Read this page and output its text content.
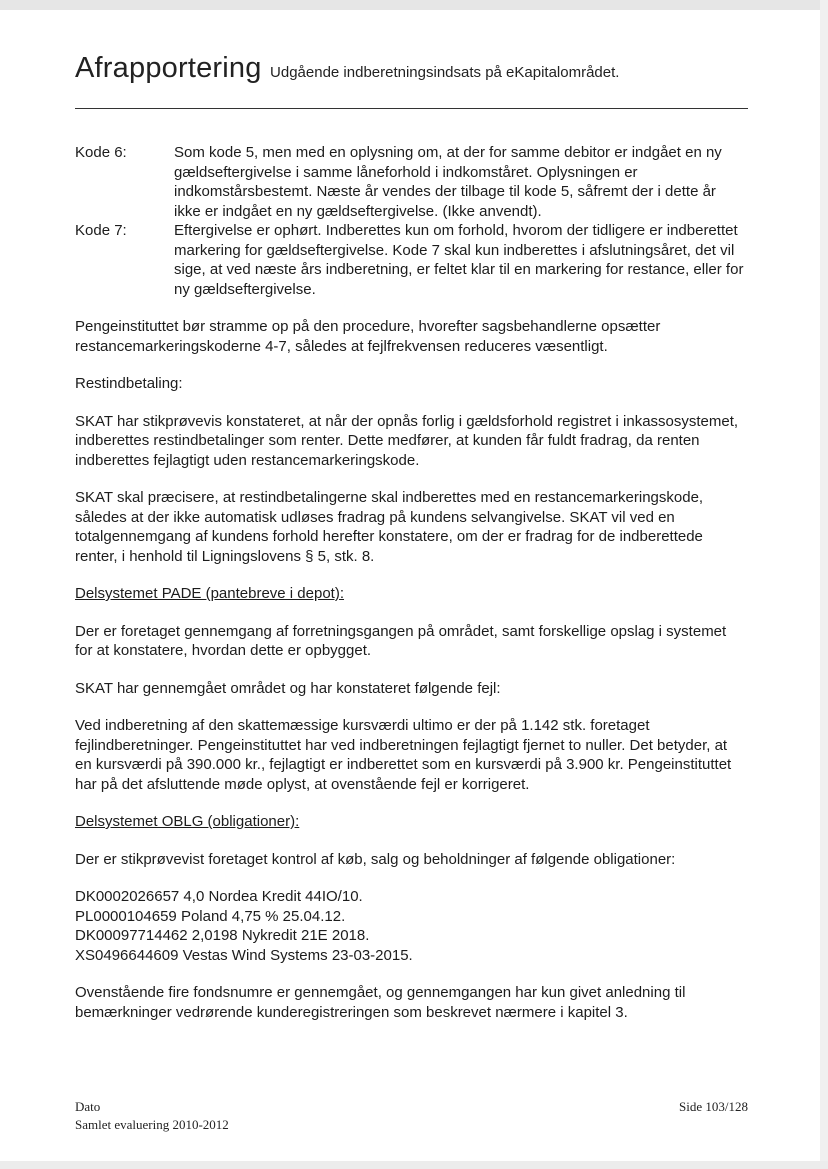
Afrapportering Udgående indberetningsindsats på eKapitalområdet.
Kode 6:	Som kode 5, men med en oplysning om, at der for samme debitor er indgået en ny gældseftergivelse i samme låneforhold i indkomståret. Oplysningen er indkomstårsbestemt. Næste år vendes der tilbage til kode 5, såfremt der i dette år ikke er indgået en ny gældseftergivelse. (Ikke anvendt).
Kode 7:	Eftergivelse er ophørt. Indberettes kun om forhold, hvorom der tidligere er indberettet markering for gældseftergivelse. Kode 7 skal kun indberettes i afslutningsåret, det vil sige, at ved næste års indberetning, er feltet klar til en markering for restance, eller for ny gældseftergivelse.

Pengeinstituttet bør stramme op på den procedure, hvorefter sagsbehandlerne opsætter restancemarkeringskoderne 4-7, således at fejlfrekvensen reduceres væsentligt.

Restindbetaling:

SKAT har stikprøvevis konstateret, at når der opnås forlig i gældsforhold registret i inkassosystemet, indberettes restindbetalinger som renter. Dette medfører, at kunden får fuldt fradrag, da renten indberettes fejlagtigt uden restancemarkeringskode.

SKAT skal præcisere, at restindbetalingerne skal indberettes med en restancemarkeringskode, således at der ikke automatisk udløses fradrag på kundens selvangivelse. SKAT vil ved en totalgennemgang af kundens forhold herefter konstatere, om der er fradrag for de indberettede renter, i henhold til Ligningslovens § 5, stk. 8.

Delsystemet PADE (pantebreve i depot):

Der er foretaget gennemgang af forretningsgangen på området, samt forskellige opslag i systemet for at konstatere, hvordan dette er opbygget.

SKAT har gennemgået området og har konstateret følgende fejl:

Ved indberetning af den skattemæssige kursværdi ultimo er der på 1.142 stk. foretaget fejlindberetninger. Pengeinstituttet har ved indberetningen fejlagtigt fjernet to nuller. Det betyder, at en kursværdi på 390.000 kr., fejlagtigt er indberettet som en kursværdi på 3.900 kr. Pengeinstituttet har på det afsluttende møde oplyst, at ovenstående fejl er korrigeret.

Delsystemet OBLG (obligationer):

Der er stikprøvevist foretaget kontrol af køb, salg og beholdninger af følgende obligationer:

DK0002026657 4,0 Nordea Kredit 44IO/10.
PL0000104659 Poland 4,75 % 25.04.12.
DK00097714462 2,0198 Nykredit 21E 2018.
XS0496644609 Vestas Wind Systems 23-03-2015.

Ovenstående fire fondsnumre er gennemgået, og gennemgangen har kun givet anledning til bemærkninger vedrørende kunderegistreringen som beskrevet nærmere i kapitel 3.

Dato
Samlet evaluering 2010-2012
Side 103/128
